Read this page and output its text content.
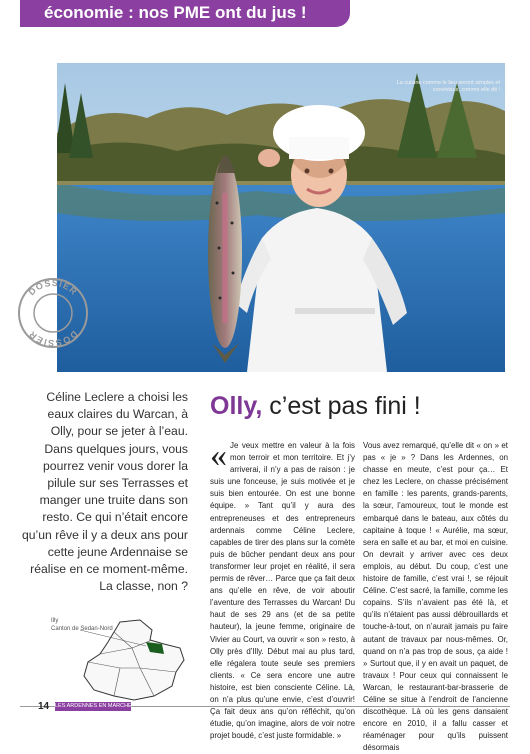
économie : nos PME ont du jus !
La cuisine comme le lieu seront simples et conviviaux, comme elle dit !
DOSSIER
DOSSIER

Céline Leclere a choisi les eaux claires du Warcan, à Olly, pour se jeter à l’eau. Dans quelques jours, vous pourrez venir vous dorer la pilule sur ses Terrasses et manger une truite dans son resto. Ce qui n’était encore qu’un rêve il y a deux ans pour cette jeune Ardennaise se réalise en ce moment-même. La classe, non ?

Illy
Canton de Sedan-Nord
Olly, c’est pas fini !
« Je veux mettre en valeur à la fois mon terroir et mon territoire. Et j’y arriverai, il n’y a pas de raison : je suis une fonceuse, je suis motivée et je suis bien entourée. On est une bonne équipe. » Tant qu’il y aura des entrepreneuses et des entrepreneurs ardennais comme Céline Leclere, capables de tirer des plans sur la comète puis de bûcher pendant deux ans pour transformer leur projet en réalité, il sera permis de rêver… Parce que ça fait deux ans qu’elle en rêve, de voir aboutir l’aventure des Terrasses du Warcan! Du haut de ses 29 ans (et de sa petite hauteur), la jeune femme, originaire de Vivier au Court, va ouvrir « son » resto, à Olly près d’Illy. Début mai au plus tard, elle régalera toute seule ses premiers clients. « Ce sera encore une autre histoire, est bien consciente Céline. Là, on n’a plus qu’une envie, c’est d’ouvrir! Ça fait deux ans qu’on réfléchit, qu’on étudie, qu’on imagine, alors de voir notre projet boudé, c’est juste formidable. »

Vous avez remarqué, qu’elle dit « on » et pas « je » ? Dans les Ardennes, on chasse en meute, c’est pour ça… Et chez les Leclere, on chasse précisément en famille : les parents, grands-parents, la sœur, l’amoureux, tout le monde est embarqué dans le bateau, aux côtés du capitaine à toque ! « Aurélie, ma sœur, sera en salle et au bar, et moi en cuisine. On devrait y arriver avec ces deux emplois, au début. Du coup, c’est une histoire de famille, c’est vrai !, se réjouit Céline. C’est sacré, la famille, comme les copains. S’ils n’avaient pas été là, et qu’ils n’étaient pas aussi débrouillards et touche-à-tout, on n’aurait jamais pu faire autant de travaux par nous-mêmes. Or, quand on n’a pas trop de sous, ça aide ! » Surtout que, il y en avait un paquet, de travaux ! Pour ceux qui connaissent le Warcan, le restaurant-bar-brasserie de Céline se situe à l’endroit de l’ancienne discothèque. Là où les gens dansaient encore en 2010, il a fallu casser et réaménager pour qu’ils puissent désormais

14 LES ARDENNES EN MARCHE
